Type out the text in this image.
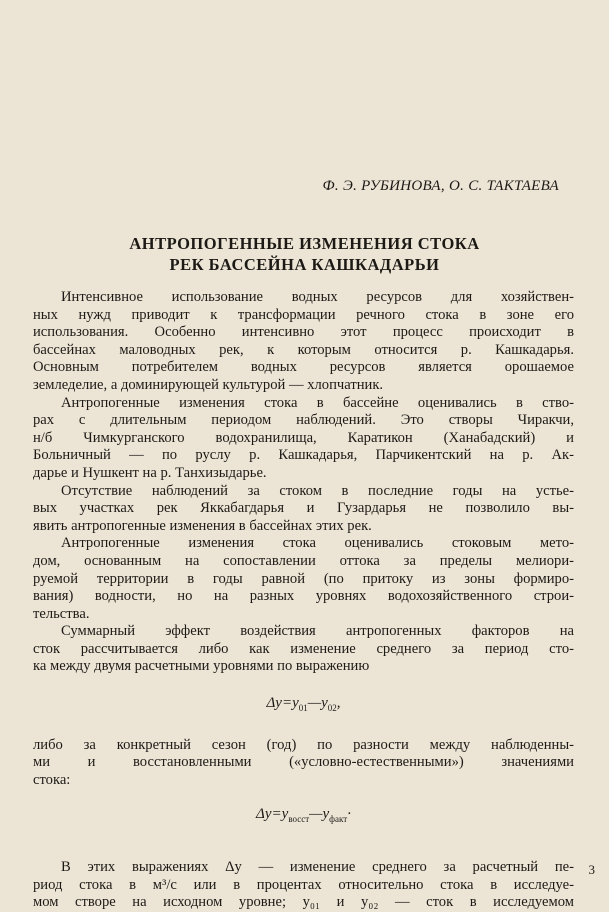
Ф. Э. РУБИНОВА, О. С. ТАКТАЕВА
АНТРОПОГЕННЫЕ ИЗМЕНЕНИЯ СТОКА
РЕК БАССЕЙНА КАШКАДАРЬИ
Интенсивное использование водных ресурсов для хозяйствен-
ных нужд приводит к трансформации речного стока в зоне его
использования. Особенно интенсивно этот процесс происходит в
бассейнах маловодных рек, к которым относится р. Кашкадарья.
Основным потребителем водных ресурсов является орошаемое
земледелие, а доминирующей культурой — хлопчатник.
Антропогенные изменения стока в бассейне оценивались в ство-
рах с длительным периодом наблюдений. Это створы Чиракчи,
н/б Чимкурганского водохранилища, Каратикон (Ханабадский) и
Больничный — по руслу р. Кашкадарья, Парчикентский на р. Ак-
дарье и Нушкент на р. Танхизыдарье.
Отсутствие наблюдений за стоком в последние годы на устье-
вых участках рек Яккабагдарья и Гузардарья не позволило вы-
явить антропогенные изменения в бассейнах этих рек.
Антропогенные изменения стока оценивались стоковым мето-
дом, основанным на сопоставлении оттока за пределы мелиори-
руемой территории в годы равной (по притоку из зоны формиро-
вания) водности, но на разных уровнях водохозяйственного строи-
тельства.
Суммарный эффект воздействия антропогенных факторов на
сток рассчитывается либо как изменение среднего за период сто-
ка между двумя расчетными уровнями по выражению
$\Delta y=y_{01}—y_{02}$,
либо за конкретный сезон (год) по разности между наблюденны-
ми и восстановленными («условно-естественными») значениями
стока:
$\Delta y=y_{восст}—y_{факт}\cdot$
В этих выражениях Δy — изменение среднего за расчетный пе-
риод стока в м³/с или в процентах относительно стока в исследуе-
мом створе на исходном уровне; y₀₁ и y₀₂ — сток в исследуемом
3
